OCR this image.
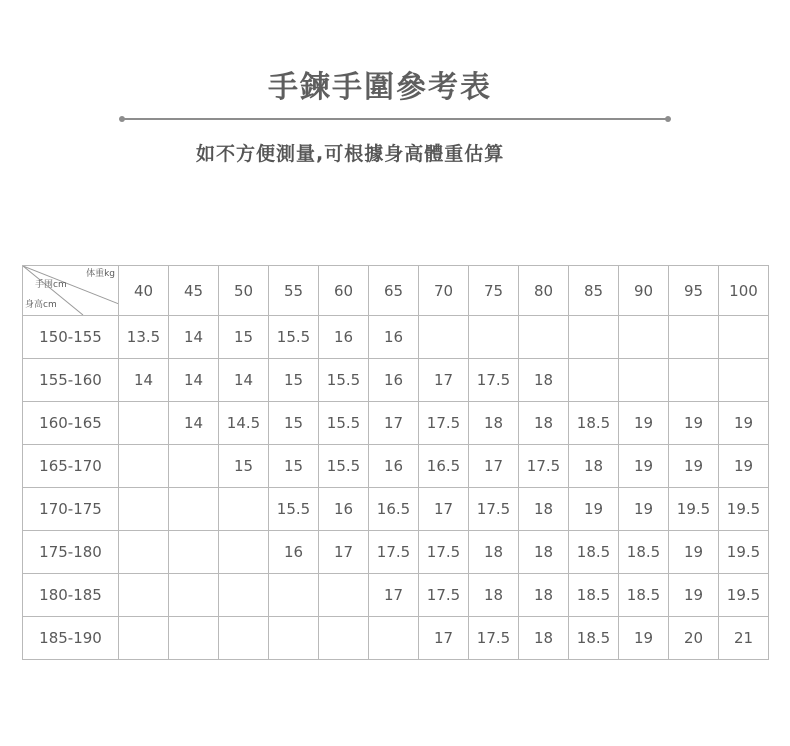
手鍊手圍參考表
如不方便測量,可根據身高體重估算
体重kg
手围cm
身高cm	40	45	50	55	60	65	70	75	80	85	90	95	100
150-155	13.5	14	15	15.5	16	16							
155-160	14	14	14	15	15.5	16	17	17.5	18				
160-165		14	14.5	15	15.5	17	17.5	18	18	18.5	19	19	19
165-170			15	15	15.5	16	16.5	17	17.5	18	19	19	19
170-175				15.5	16	16.5	17	17.5	18	19	19	19.5	19.5
175-180				16	17	17.5	17.5	18	18	18.5	18.5	19	19.5
180-185						17	17.5	18	18	18.5	18.5	19	19.5
185-190							17	17.5	18	18.5	19	20	21
